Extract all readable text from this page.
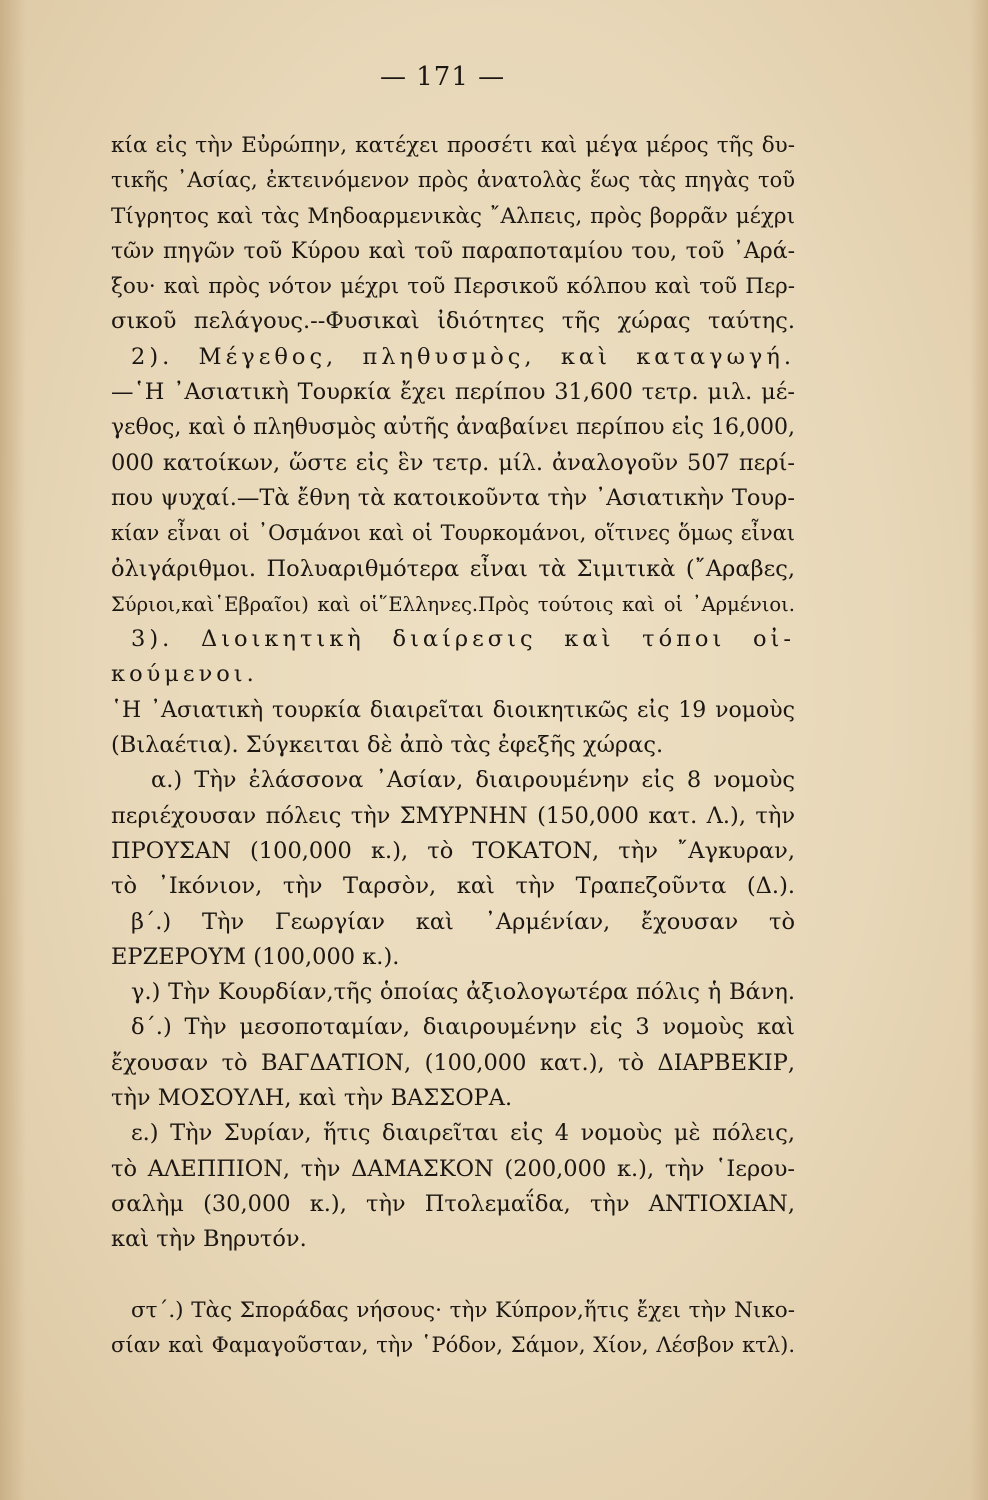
— 171 —
κία εἰς τὴν Εὐρώπην, κατέχει προσέτι καὶ μέγα μέρος τῆς δυ-
τικῆς ᾿Ασίας, ἐκτεινόμενον πρὸς ἀνατολὰς ἕως τὰς πηγὰς τοῦ
Τίγρητος καὶ τὰς Μηδοαρμενικὰς ῎Αλπεις, πρὸς βορρᾶν μέχρι
τῶν πηγῶν τοῦ Κύρου καὶ τοῦ παραποταμίου του, τοῦ ᾿Αρά-
ξου· καὶ πρὸς νότον μέχρι τοῦ Περσικοῦ κόλπου καὶ τοῦ Περ-
σικοῦ πελάγους.--Φυσικαὶ ἰδιότητες τῆς χώρας ταύτης.
2). Μέγεθος, πληθυσμὸς, καὶ καταγωγή.
—῾Η ᾿Ασιατικὴ Τουρκία ἔχει περίπου 31,600 τετρ. μιλ. μέ-
γεθος, καὶ ὁ πληθυσμὸς αὐτῆς ἀναβαίνει περίπου εἰς 16,000,
000 κατοίκων, ὥστε εἰς ἓν τετρ. μίλ. ἀναλογοῦν 507 περί-
που ψυχαί.—Τὰ ἔθνη τὰ κατοικοῦντα τὴν ᾿Ασιατικὴν Τουρ-
κίαν εἶναι οἱ ᾿Οσμάνοι καὶ οἱ Τουρκομάνοι, οἵτινες ὅμως εἶναι
ὀλιγάριθμοι. Πολυαριθμότερα εἶναι τὰ Σιμιτικὰ (῎Αραβες,
Σύριοι,καὶ῾Εβραῖοι) καὶ οἱ῞Ελληνες.Πρὸς τούτοις καὶ οἱ ᾿Αρμένιοι.
3). Διοικητικὴ διαίρεσις καὶ τόποι οἰ-
κούμενοι.
῾Η ᾿Ασιατικὴ τουρκία διαιρεῖται διοικητικῶς εἰς 19 νομοὺς
(Βιλαέτια). Σύγκειται δὲ ἀπὸ τὰς ἐφεξῆς χώρας.
α.) Τὴν ἐλάσσονα ᾿Ασίαν, διαιρουμένην εἰς 8 νομοὺς
περιέχουσαν πόλεις τὴν ΣΜΥΡΝΗΝ (150,000 κατ. Λ.), τὴν
ΠΡΟΥΣΑΝ (100,000 κ.), τὸ ΤΟΚΑΤΟΝ, τὴν ῎Αγκυραν,
τὸ ᾿Ικόνιον, τὴν Ταρσὸν, καὶ τὴν Τραπεζοῦντα (Δ.).
β΄.) Τὴν Γεωργίαν καὶ ᾿Αρμένίαν, ἔχουσαν τὸ
ΕΡΖΕΡΟΥΜ (100,000 κ.).
γ.) Τὴν Κουρδίαν,τῆς ὁποίας ἀξιολογωτέρα πόλις ἡ Βάνη.
δ΄.) Τὴν μεσοποταμίαν, διαιρουμένην εἰς 3 νομοὺς καὶ
ἔχουσαν τὸ ΒΑΓΔΑΤΙΟΝ, (100,000 κατ.), τὸ ΔΙΑΡΒΕΚΙΡ,
τὴν ΜΟΣΟΥΛΗ, καὶ τὴν ΒΑΣΣΟΡΑ.
ε.) Τὴν Συρίαν, ἥτις διαιρεῖται εἰς 4 νομοὺς μὲ πόλεις,
τὸ ΑΛΕΠΠΙΟΝ, τὴν ΔΑΜΑΣΚΟΝ (200,000 κ.), τὴν ῾Ιερου-
σαλὴμ (30,000 κ.), τὴν Πτολεμαΐδα, τὴν ΑΝΤΙΟΧΙΑΝ,
καὶ τὴν Βηρυτόν.
στ΄.) Τὰς Σποράδας νήσους· τὴν Κύπρον,ἥτις ἔχει τὴν Νικο-
σίαν καὶ Φαμαγοῦσταν, τὴν ῾Ρόδον, Σάμον, Χίον, Λέσβον κτλ).
